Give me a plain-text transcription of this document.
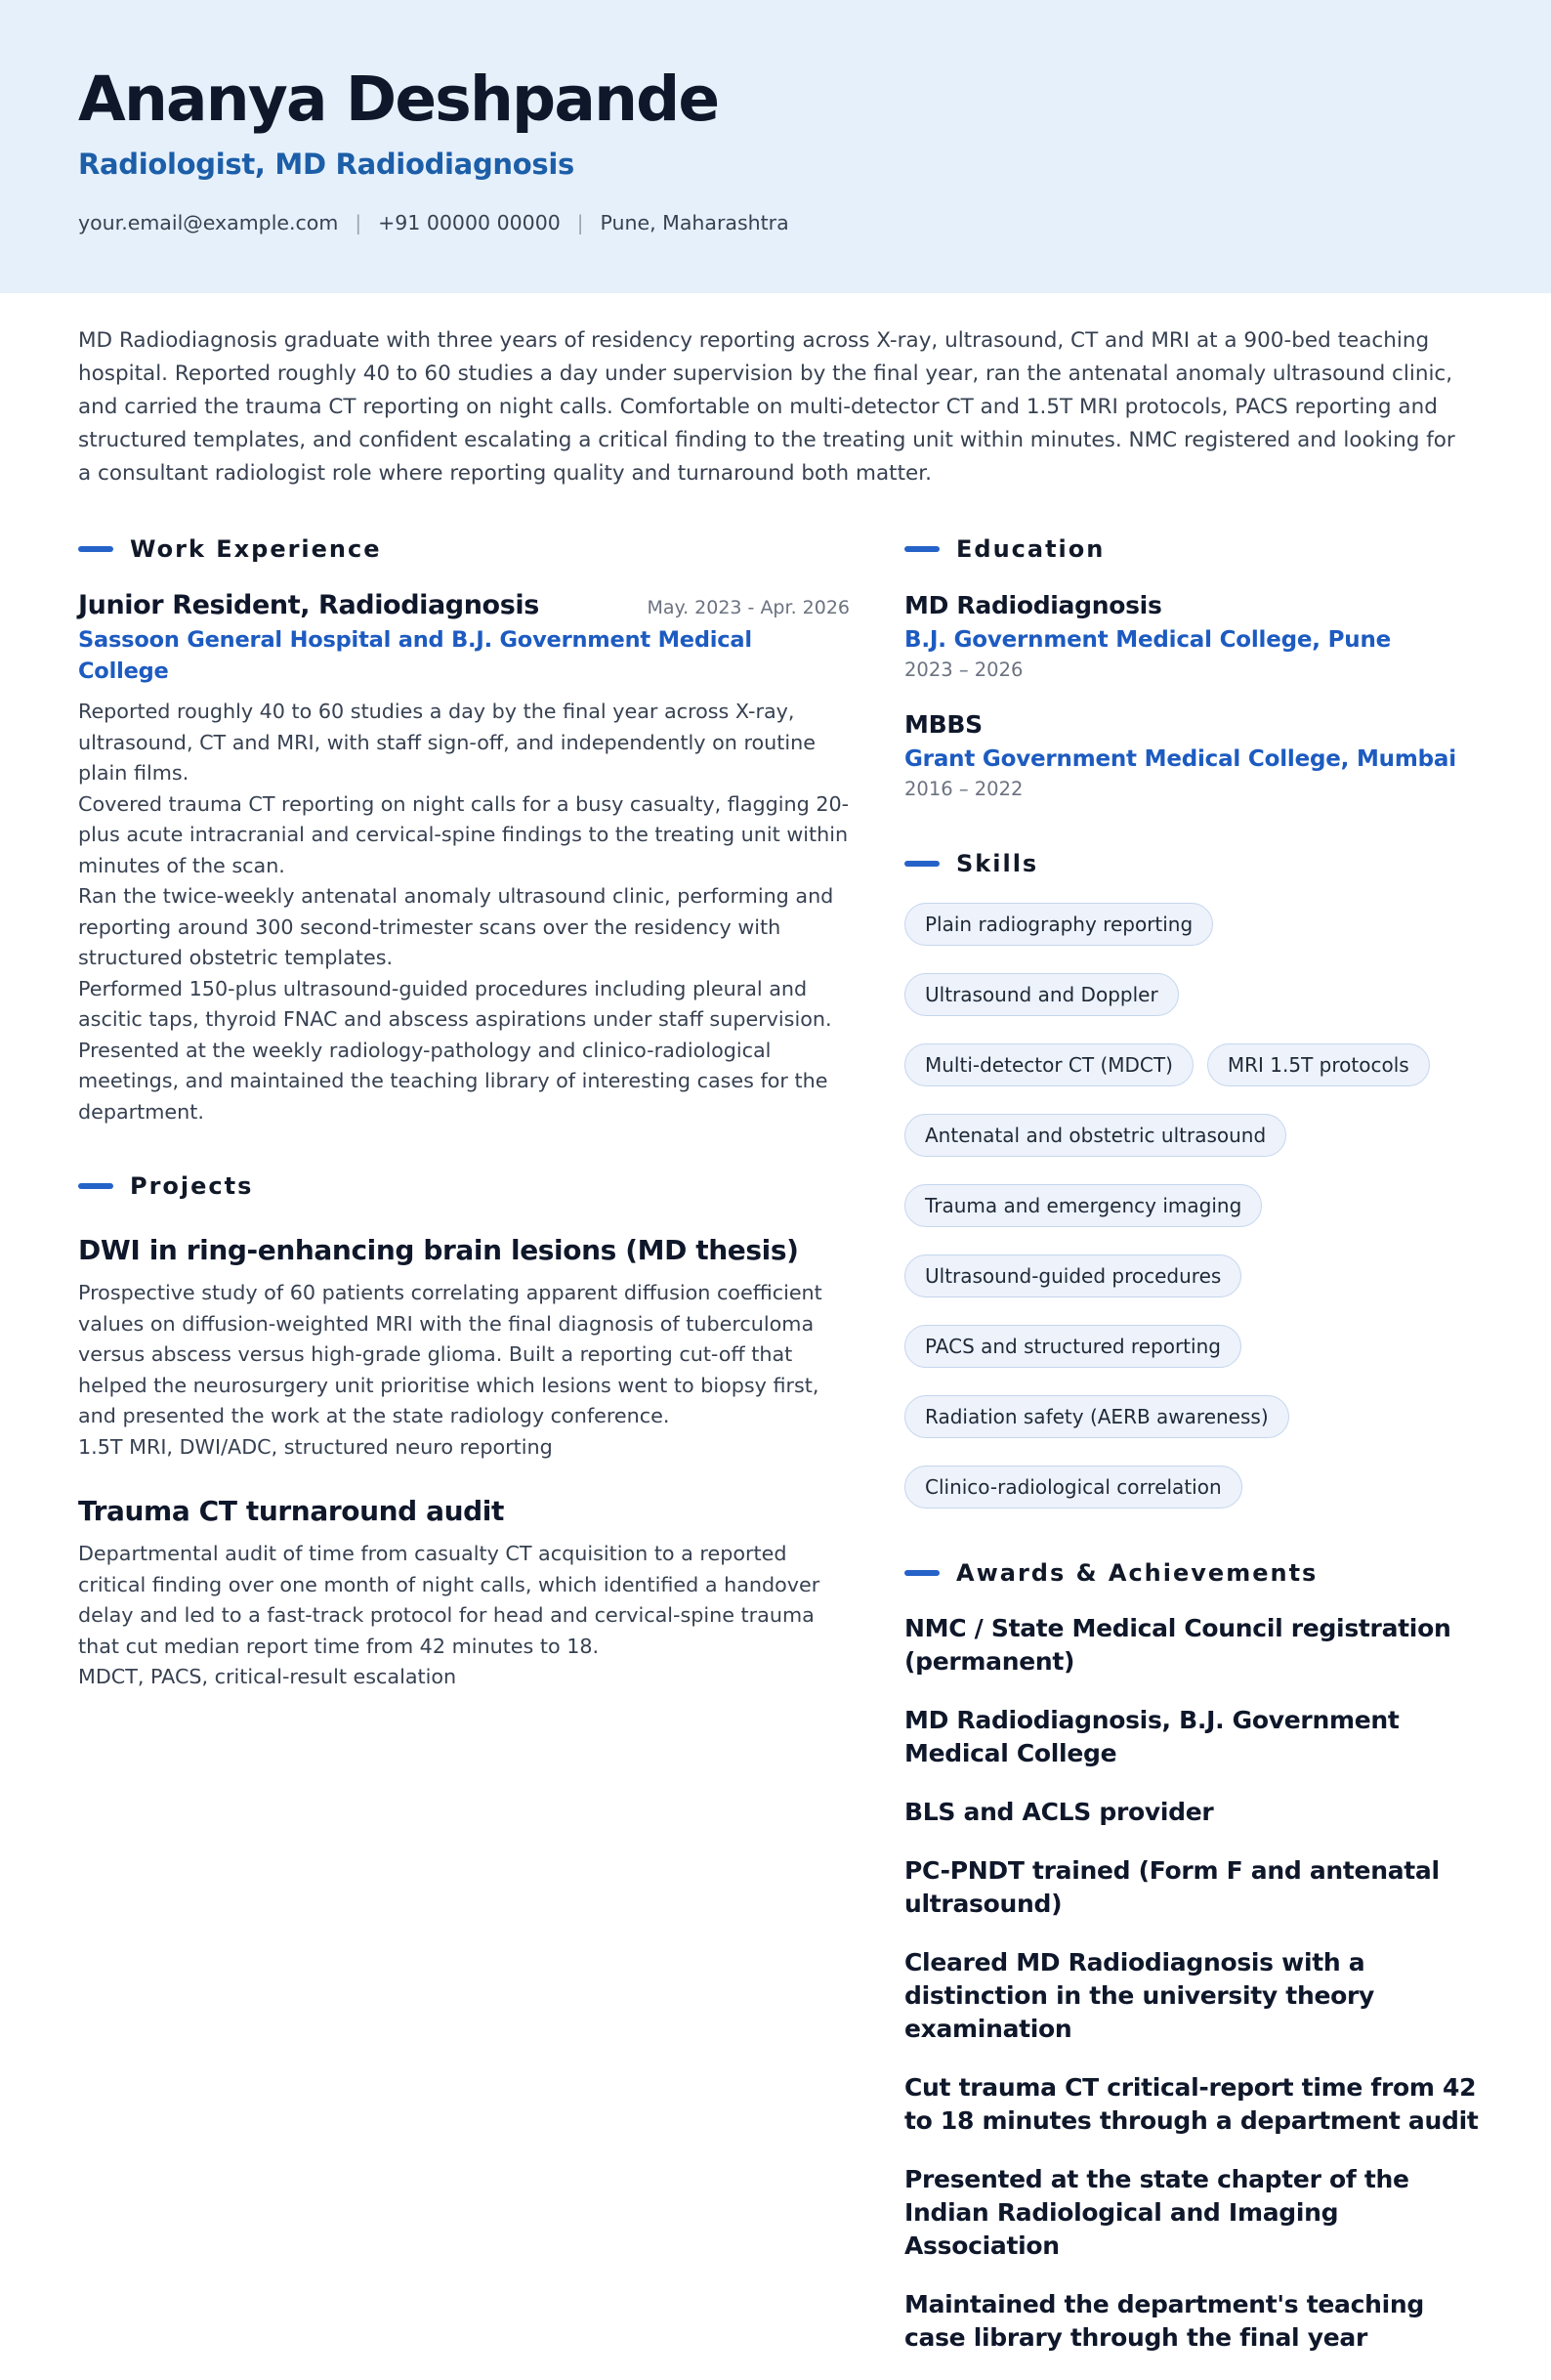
Ananya Deshpande
Radiologist, MD Radiodiagnosis
your.email@example.com | +91 00000 00000 | Pune, Maharashtra

MD Radiodiagnosis graduate with three years of residency reporting across X-ray, ultrasound, CT and MRI at a 900-bed teaching hospital. Reported roughly 40 to 60 studies a day under supervision by the final year, ran the antenatal anomaly ultrasound clinic, and carried the trauma CT reporting on night calls. Comfortable on multi-detector CT and 1.5T MRI protocols, PACS reporting and structured templates, and confident escalating a critical finding to the treating unit within minutes. NMC registered and looking for a consultant radiologist role where reporting quality and turnaround both matter.

Work Experience
Junior Resident, Radiodiagnosis	May. 2023 - Apr. 2026
Sassoon General Hospital and B.J. Government Medical College

Reported roughly 40 to 60 studies a day by the final year across X-ray, ultrasound, CT and MRI, with staff sign-off, and independently on routine plain films.

Covered trauma CT reporting on night calls for a busy casualty, flagging 20-plus acute intracranial and cervical-spine findings to the treating unit within minutes of the scan.

Ran the twice-weekly antenatal anomaly ultrasound clinic, performing and reporting around 300 second-trimester scans over the residency with structured obstetric templates.

Performed 150-plus ultrasound-guided procedures including pleural and ascitic taps, thyroid FNAC and abscess aspirations under staff supervision.

Presented at the weekly radiology-pathology and clinico-radiological meetings, and maintained the teaching library of interesting cases for the department.

Projects
DWI in ring-enhancing brain lesions (MD thesis)

Prospective study of 60 patients correlating apparent diffusion coefficient values on diffusion-weighted MRI with the final diagnosis of tuberculoma versus abscess versus high-grade glioma. Built a reporting cut-off that helped the neurosurgery unit prioritise which lesions went to biopsy first, and presented the work at the state radiology conference.

1.5T MRI, DWI/ADC, structured neuro reporting

Trauma CT turnaround audit

Departmental audit of time from casualty CT acquisition to a reported critical finding over one month of night calls, which identified a handover delay and led to a fast-track protocol for head and cervical-spine trauma that cut median report time from 42 minutes to 18.

MDCT, PACS, critical-result escalation

Education
MD Radiodiagnosis
B.J. Government Medical College, Pune
2023 – 2026
MBBS
Grant Government Medical College, Mumbai
2016 – 2022
Skills
Plain radiography reporting
Ultrasound and Doppler
Multi-detector CT (MDCT)	MRI 1.5T protocols
Antenatal and obstetric ultrasound
Trauma and emergency imaging
Ultrasound-guided procedures
PACS and structured reporting
Radiation safety (AERB awareness)
Clinico-radiological correlation
Awards & Achievements

NMC / State Medical Council registration (permanent)

MD Radiodiagnosis, B.J. Government Medical College

BLS and ACLS provider

PC-PNDT trained (Form F and antenatal ultrasound)

Cleared MD Radiodiagnosis with a distinction in the university theory examination

Cut trauma CT critical-report time from 42 to 18 minutes through a department audit

Presented at the state chapter of the Indian Radiological and Imaging Association

Maintained the department's teaching case library through the final year
